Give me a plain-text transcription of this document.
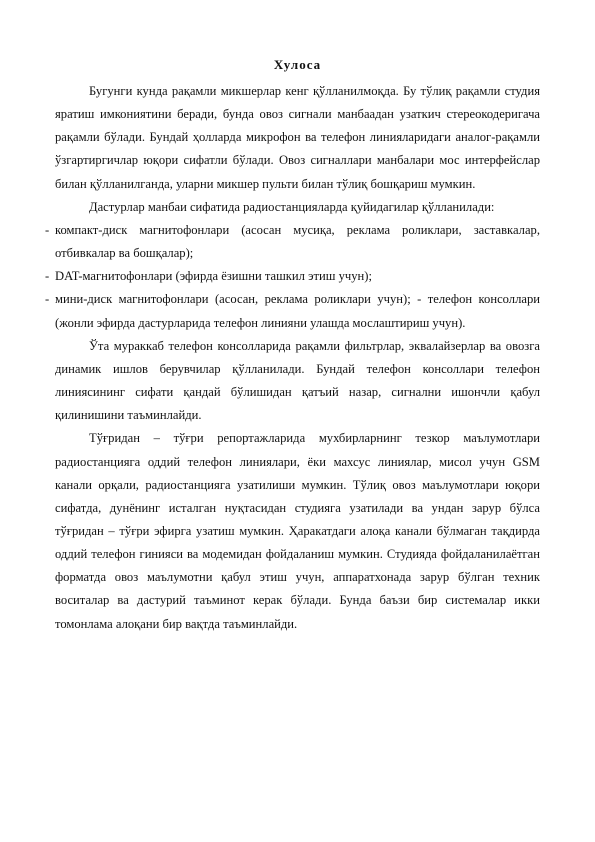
Хулоса

Бугунги кунда рақамли микшерлар кенг қўлланилмоқда. Бу тўлиқ рақамли студия яратиш имкониятини беради, бунда овоз сигнали манбаадан узаткич стереокодеригача рақамли бўлади. Бундай ҳолларда микрофон ва телефон линияларидаги аналог-рақамли ўзгартиргичлар юқори сифатли бўлади. Овоз сигналлари манбалари мос интерфейслар билан қўлланилганда, уларни микшер пульти билан тўлиқ бошқариш мумкин.

Дастурлар манбаи сифатида радиостанцияларда қуйидагилар қўлланилади:

- компакт-диск магнитофонлари (асосан мусиқа, реклама роликлари, заставкалар, отбивкалар ва бошқалар);
- DAT-магнитофонлари (эфирда ёзишни ташкил этиш учун);
- мини-диск магнитофонлари (асосан, реклама роликлари учун); - телефон консоллари (жонли эфирда дастурларида телефон линияни улашда мослаштириш учун).

Ўта мураккаб телефон консолларида рақамли фильтрлар, эквалайзерлар ва овозга динамик ишлов берувчилар қўлланилади. Бундай телефон консоллари телефон линиясининг сифати қандай бўлишидан қатъий назар, сигнални ишончли қабул қилинишини таъминлайди.

Тўғридан – тўғри репортажларида мухбирларнинг тезкор маълумотлари радиостанцияга оддий телефон линиялари, ёки махсус линиялар, мисол учун GSM канали орқали, радиостанцияга узатилиши мумкин. Тўлиқ овоз маълумотлари юқори сифатда, дунёнинг исталган нуқтасидан студияга узатилади ва ундан зарур бўлса тўғридан – тўғри эфирга узатиш мумкин. Ҳаракатдаги алоқа канали бўлмаган тақдирда оддий телефон гинияси ва модемидан фойдаланиш мумкин. Студияда фойдаланилаётган форматда овоз маълумотни қабул этиш учун, аппаратхонада зарур бўлган техник воситалар ва дастурий таъминот керак бўлади. Бунда баъзи бир системалар икки томонлама алоқани бир вақтда таъминлайди.
